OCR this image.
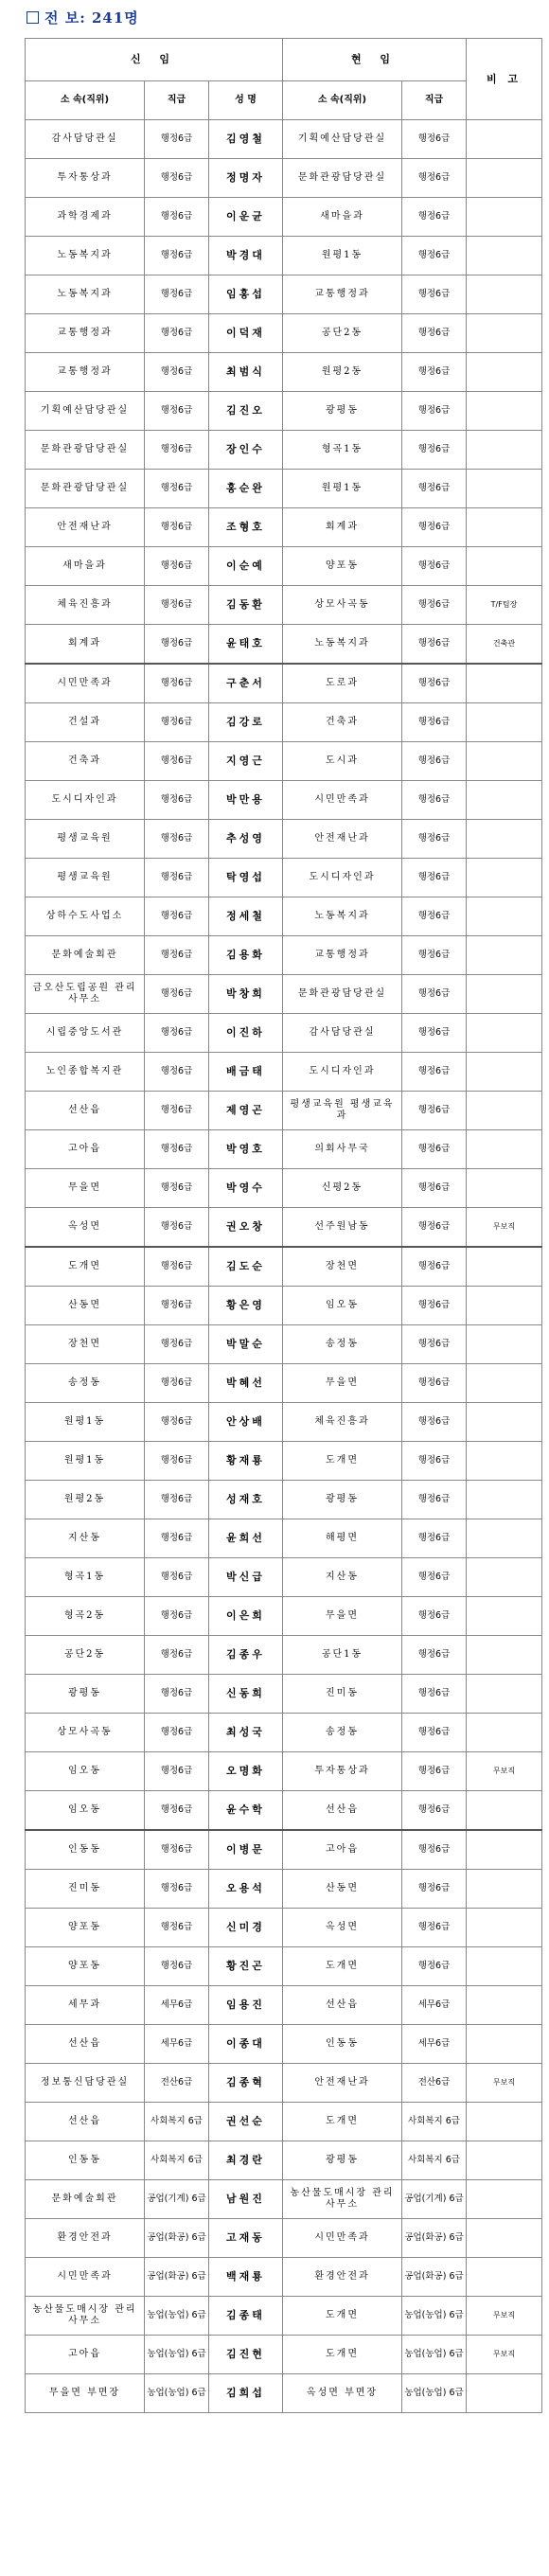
전 보: 241명
신 임			현 임		비 고
소 속(직위)	직급	성 명	소 속(직위)	직급	
감사담당관실	행정6급	김영철	기획예산담당관실	행정6급	
투자통상과	행정6급	정명자	문화관광담당관실	행정6급	
과학경제과	행정6급	이운균	새마을과	행정6급	
노동복지과	행정6급	박경대	원평1동	행정6급	
노동복지과	행정6급	임홍섭	교통행정과	행정6급	
교통행정과	행정6급	이덕재	공단2동	행정6급	
교통행정과	행정6급	최범식	원평2동	행정6급	
기획예산담당관실	행정6급	김진오	광평동	행정6급	
문화관광담당관실	행정6급	장인수	형곡1동	행정6급	
문화관광담당관실	행정6급	홍순완	원평1동	행정6급	
안전재난과	행정6급	조형호	회계과	행정6급	
새마을과	행정6급	이순예	양포동	행정6급	
체육진흥과	행정6급	김동환	상모사곡동	행정6급	T/F팀장
회계과	행정6급	윤태호	노동복지과	행정6급	건축관
시민만족과	행정6급	구춘서	도로과	행정6급	
건설과	행정6급	김강로	건축과	행정6급	
건축과	행정6급	지영근	도시과	행정6급	
도시디자인과	행정6급	박만용	시민만족과	행정6급	
평생교육원	행정6급	추성영	안전재난과	행정6급	
평생교육원	행정6급	탁영섭	도시디자인과	행정6급	
상하수도사업소	행정6급	정세철	노동복지과	행정6급	
문화예술회관	행정6급	김용화	교통행정과	행정6급	
금오산도립공원 관리사무소	행정6급	박창희	문화관광담당관실	행정6급	
시립중앙도서관	행정6급	이진하	감사담당관실	행정6급	
노인종합복지관	행정6급	배금태	도시디자인과	행정6급	
선산읍	행정6급	제영곤	평생교육원 평생교육과	행정6급	
고아읍	행정6급	박영호	의회사무국	행정6급	
무을면	행정6급	박영수	신평2동	행정6급	
옥성면	행정6급	권오창	선주원남동	행정6급	무보직
도개면	행정6급	김도순	장천면	행정6급	
산동면	행정6급	황은영	임오동	행정6급	
장천면	행정6급	박말순	송정동	행정6급	
송정동	행정6급	박혜선	무을면	행정6급	
원평1동	행정6급	안상배	체육진흥과	행정6급	
원평1동	행정6급	황재룡	도개면	행정6급	
원평2동	행정6급	성재호	광평동	행정6급	
지산동	행정6급	윤희선	해평면	행정6급	
형곡1동	행정6급	박신급	지산동	행정6급	
형곡2동	행정6급	이은희	무을면	행정6급	
공단2동	행정6급	김종우	공단1동	행정6급	
광평동	행정6급	신동희	진미동	행정6급	
상모사곡동	행정6급	최성국	송정동	행정6급	
임오동	행정6급	오명화	투자통상과	행정6급	무보직
임오동	행정6급	윤수학	선산읍	행정6급	
인동동	행정6급	이병문	고아읍	행정6급	
진미동	행정6급	오용석	산동면	행정6급	
양포동	행정6급	신미경	옥성면	행정6급	
양포동	행정6급	황진곤	도개면	행정6급	
세무과	세무6급	임용진	선산읍	세무6급	
선산읍	세무6급	이종대	인동동	세무6급	
정보통신담당관실	전산6급	김종혁	안전재난과	전산6급	무보직
선산읍	사회복지 6급	권선순	도개면	사회복지 6급	
인동동	사회복지 6급	최경란	광평동	사회복지 6급	
문화예술회관	공업(기계) 6급	남원진	농산물도매시장 관리사무소	공업(기계) 6급	
환경안전과	공업(화공) 6급	고재동	시민만족과	공업(화공) 6급	
시민만족과	공업(화공) 6급	백재룡	환경안전과	공업(화공) 6급	
농산물도매시장 관리사무소	농업(농업) 6급	김종태	도개면	농업(농업) 6급	무보직
고아읍	농업(농업) 6급	김진현	도개면	농업(농업) 6급	무보직
무을면 부면장	농업(농업) 6급	김희섭	옥성면 부면장	농업(농업) 6급	
